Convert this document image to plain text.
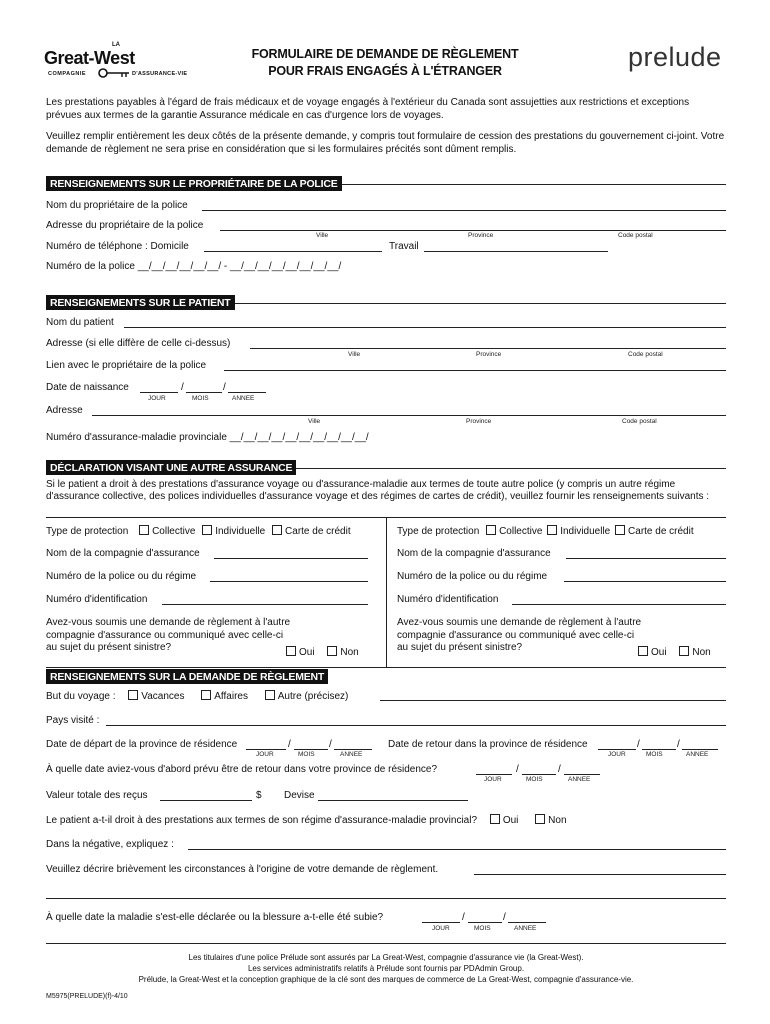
LA
Great-West
COMPAGNIE	D'ASSURANCE-VIE
FORMULAIRE DE DEMANDE DE RÈGLEMENT
POUR FRAIS ENGAGÉS À L'ÉTRANGER	prelude
Les prestations payables à l'égard de frais médicaux et de voyage engagés à l'extérieur du Canada sont assujetties aux restrictions et exceptions prévues aux termes de la garantie Assurance médicale en cas d'urgence lors de voyages.
Veuillez remplir entièrement les deux côtés de la présente demande, y compris tout formulaire de cession des prestations du gouvernement ci-joint. Votre demande de règlement ne sera prise en considération que si les formulaires précités sont dûment remplis.
RENSEIGNEMENTS SUR LE PROPRIÉTAIRE DE LA POLICE
Nom du propriétaire de la police
Adresse du propriétaire de la police
Ville	Province	Code postal
Numéro de téléphone : Domicile	Travail
Numéro de la police __/__/__/__/__/__/ - __/__/__/__/__/__/__/__/
RENSEIGNEMENTS SUR LE PATIENT
Nom du patient
Adresse (si elle diffère de celle ci-dessus)
Ville	Province	Code postal
Lien avec le propriétaire de la police
Date de naissance	/	/
JOUR	MOIS	ANNEE
Adresse
Ville	Province	Code postal
Numéro d'assurance-maladie provinciale __/__/__/__/__/__/__/__/__/__/
DÉCLARATION VISANT UNE AUTRE ASSURANCE
Si le patient a droit à des prestations d'assurance voyage ou d'assurance-maladie aux termes de toute autre police (y compris un autre régime d'assurance collective, des polices individuelles d'assurance voyage et des régimes de cartes de crédit), veuillez fournir les renseignements suivants :
Type de protection Collective Individuelle Carte de crédit
Nom de la compagnie d'assurance
Numéro de la police ou du régime
Numéro d'identification
Avez-vous soumis une demande de règlement à l'autre
compagnie d'assurance ou communiqué avec celle-ci
au sujet du présent sinistre?	Oui	Non
Type de protection Collective Individuelle Carte de crédit
Nom de la compagnie d'assurance
Numéro de la police ou du régime
Numéro d'identification
Avez-vous soumis une demande de règlement à l'autre
compagnie d'assurance ou communiqué avec celle-ci
au sujet du présent sinistre?	Oui	Non
RENSEIGNEMENTS SUR LA DEMANDE DE RÈGLEMENT
But du voyage :	Vacances	Affaires	Autre (précisez)
Pays visité :
Date de départ de la province de résidence	/	/
JOUR	MOIS	ANNEE
Date de retour dans la province de résidence	/	/
JOUR	MOIS	ANNEE
À quelle date aviez-vous d'abord prévu être de retour dans votre province de résidence?	/	/
JOUR	MOIS	ANNEE
Valeur totale des reçus	$ Devise
Le patient a-t-il droit à des prestations aux termes de son régime d'assurance-maladie provincial?	Oui	Non
Dans la négative, expliquez :
Veuillez décrire brièvement les circonstances à l'origine de votre demande de règlement.
À quelle date la maladie s'est-elle déclarée ou la blessure a-t-elle été subie?	/	/
JOUR	MOIS	ANNEE
Les titulaires d'une police Prélude sont assurés par La Great-West, compagnie d'assurance vie (la Great-West).
Les services administratifs relatifs à Prélude sont fournis par PDAdmin Group.
Prélude, la Great-West et la conception graphique de la clé sont des marques de commerce de La Great-West, compagnie d'assurance-vie.
M5975(PRELUDE)(f)-4/10
